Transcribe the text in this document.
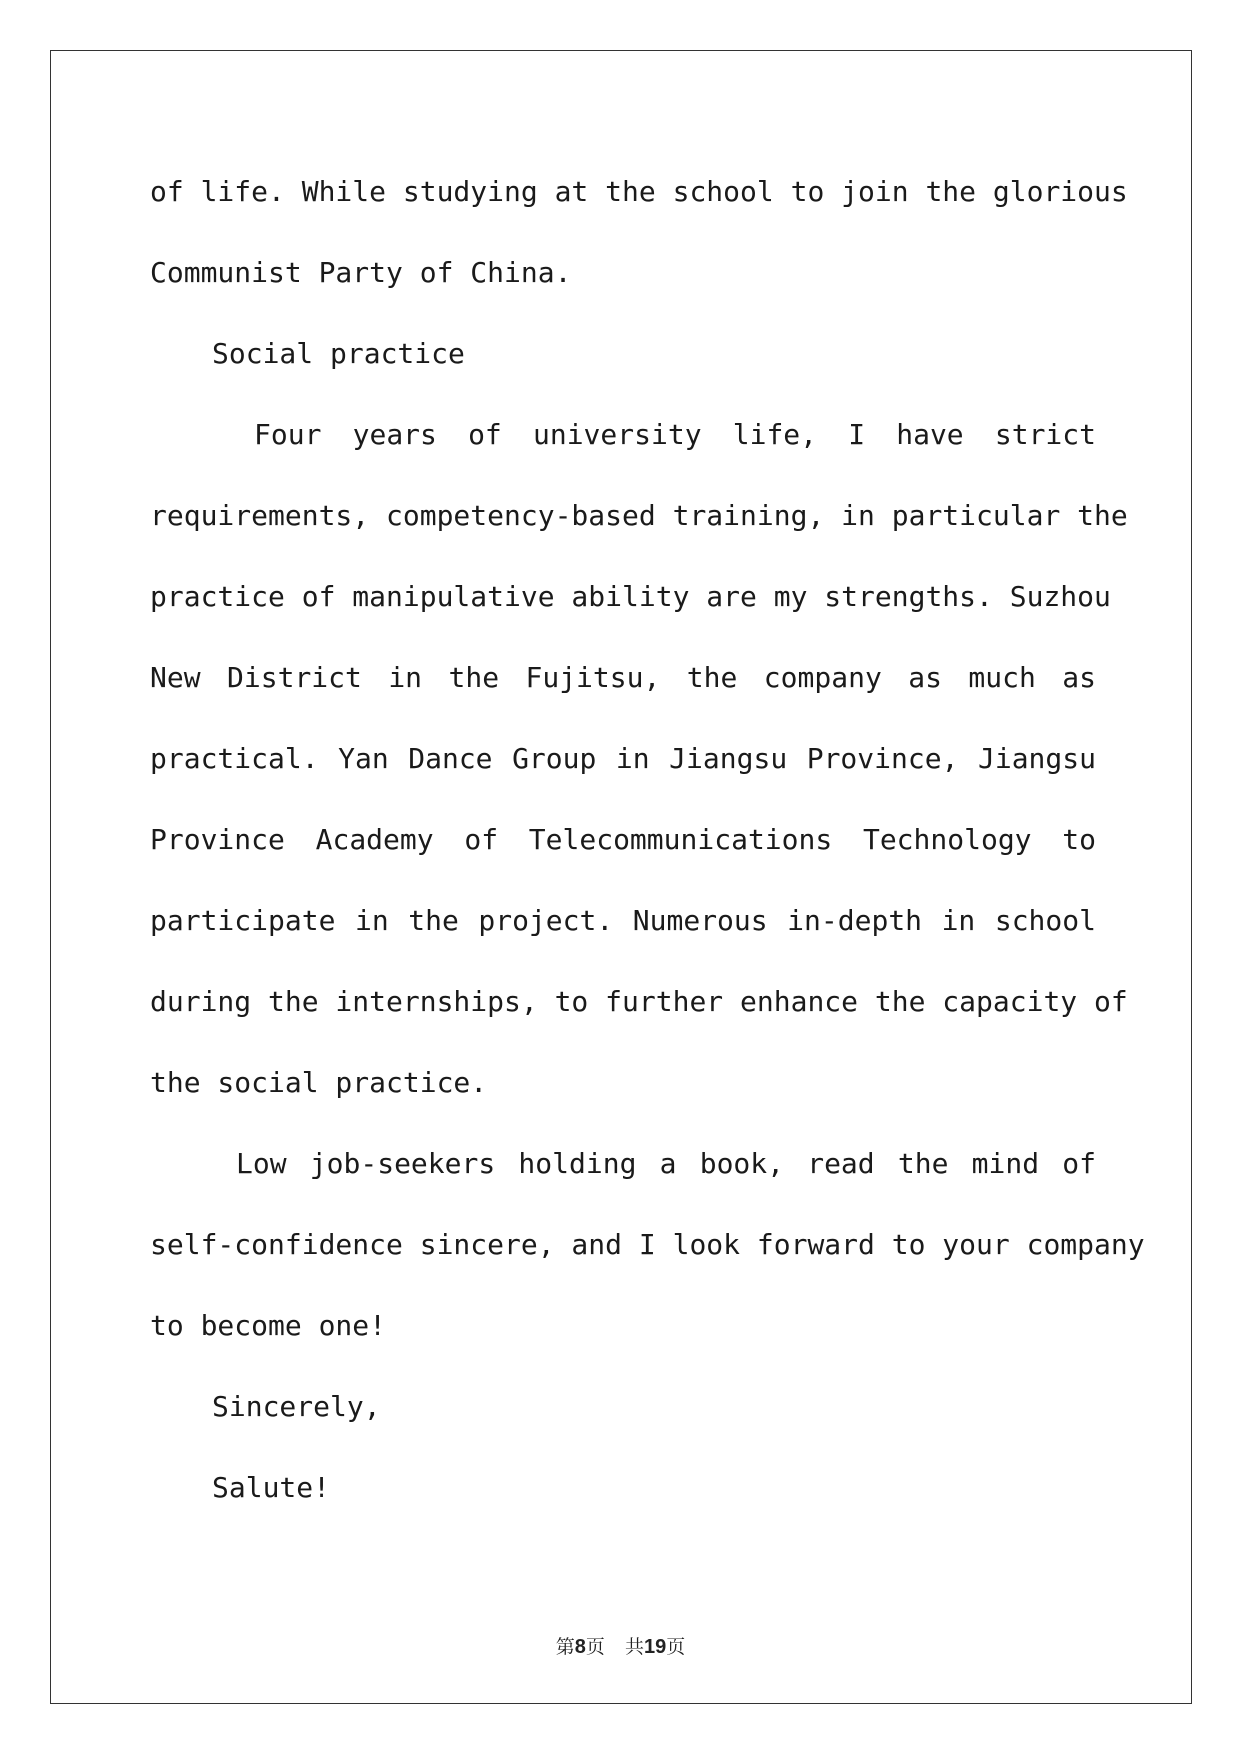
of life. While studying at the school to join the glorious
Communist Party of China.
Social practice
Four years of university life, I have strict
requirements, competency-based training, in particular the
practice of manipulative ability are my strengths. Suzhou
New District in the Fujitsu, the company as much as
practical. Yan Dance Group in Jiangsu Province, Jiangsu
Province Academy of Telecommunications Technology to
participate in the project. Numerous in-depth in school
during the internships, to further enhance the capacity of
the social practice.
Low job-seekers holding a book, read the mind of
self-confidence sincere, and I look forward to your company
to become one!
Sincerely,
Salute!
第8页 共19页
